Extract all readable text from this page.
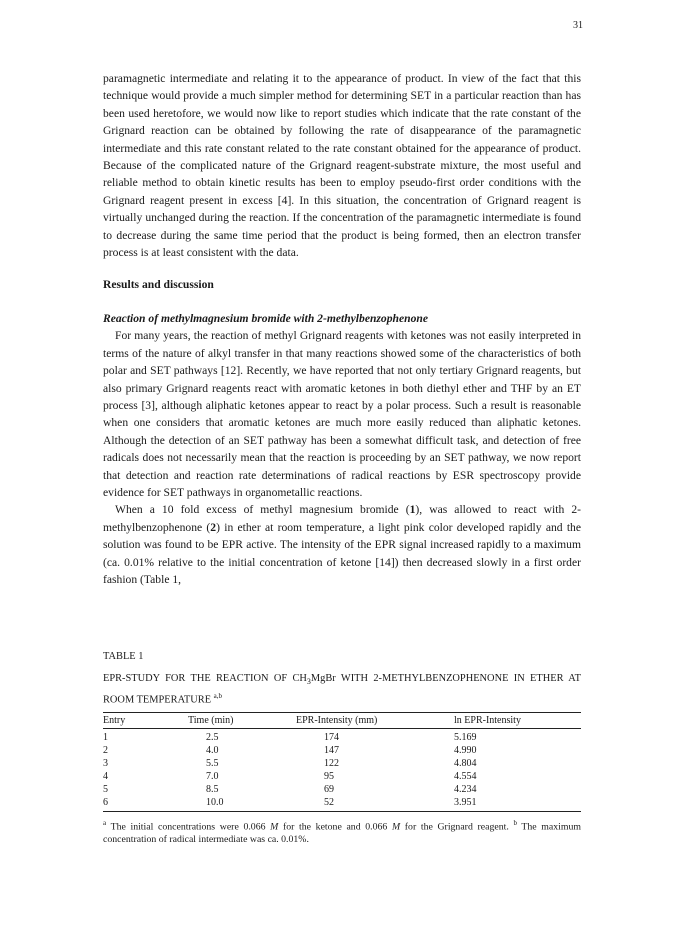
31

paramagnetic intermediate and relating it to the appearance of product. In view of the fact that this technique would provide a much simpler method for determining SET in a particular reaction than has been used heretofore, we would now like to report studies which indicate that the rate constant of the Grignard reaction can be obtained by following the rate of disappearance of the paramagnetic intermediate and this rate constant related to the rate constant obtained for the appearance of product. Because of the complicated nature of the Grignard reagent-substrate mixture, the most useful and reliable method to obtain kinetic results has been to employ pseudo-first order conditions with the Grignard reagent present in excess [4]. In this situation, the concentration of Grignard reagent is virtually unchanged during the reaction. If the concentration of the paramagnetic intermediate is found to decrease during the same time period that the product is being formed, then an electron transfer process is at least consistent with the data.

Results and discussion
Reaction of methylmagnesium bromide with 2-methylbenzophenone

For many years, the reaction of methyl Grignard reagents with ketones was not easily interpreted in terms of the nature of alkyl transfer in that many reactions showed some of the characteristics of both polar and SET pathways [12]. Recently, we have reported that not only tertiary Grignard reagents, but also primary Grignard reagents react with aromatic ketones in both diethyl ether and THF by an ET process [3], although aliphatic ketones appear to react by a polar process. Such a result is reasonable when one considers that aromatic ketones are much more easily reduced than aliphatic ketones. Although the detection of an SET pathway has been a somewhat difficult task, and detection of free radicals does not necessarily mean that the reaction is proceeding by an SET pathway, we now report that detection and reaction rate determinations of radical reactions by ESR spectroscopy provide evidence for SET pathways in organometallic reactions.

When a 10 fold excess of methyl magnesium bromide (1), was allowed to react with 2-methylbenzophenone (2) in ether at room temperature, a light pink color developed rapidly and the solution was found to be EPR active. The intensity of the EPR signal increased rapidly to a maximum (ca. 0.01% relative to the initial concentration of ketone [14]) then decreased slowly in a first order fashion (Table 1,

TABLE 1

EPR-STUDY FOR THE REACTION OF $CH_3MgBr$ WITH 2-METHYLBENZOPHENONE IN ETHER AT ROOM TEMPERATURE $^{a,b}$

Entry	Time (min)	EPR-Intensity (mm)	ln EPR-Intensity
1	2.5	174	5.169
2	4.0	147	4.990
3	5.5	122	4.804
4	7.0	95	4.554
5	8.5	69	4.234
6	10.0	52	3.951

$^a$ The initial concentrations were 0.066 M for the ketone and 0.066 M for the Grignard reagent. $^b$ The maximum concentration of radical intermediate was ca. 0.01%.
